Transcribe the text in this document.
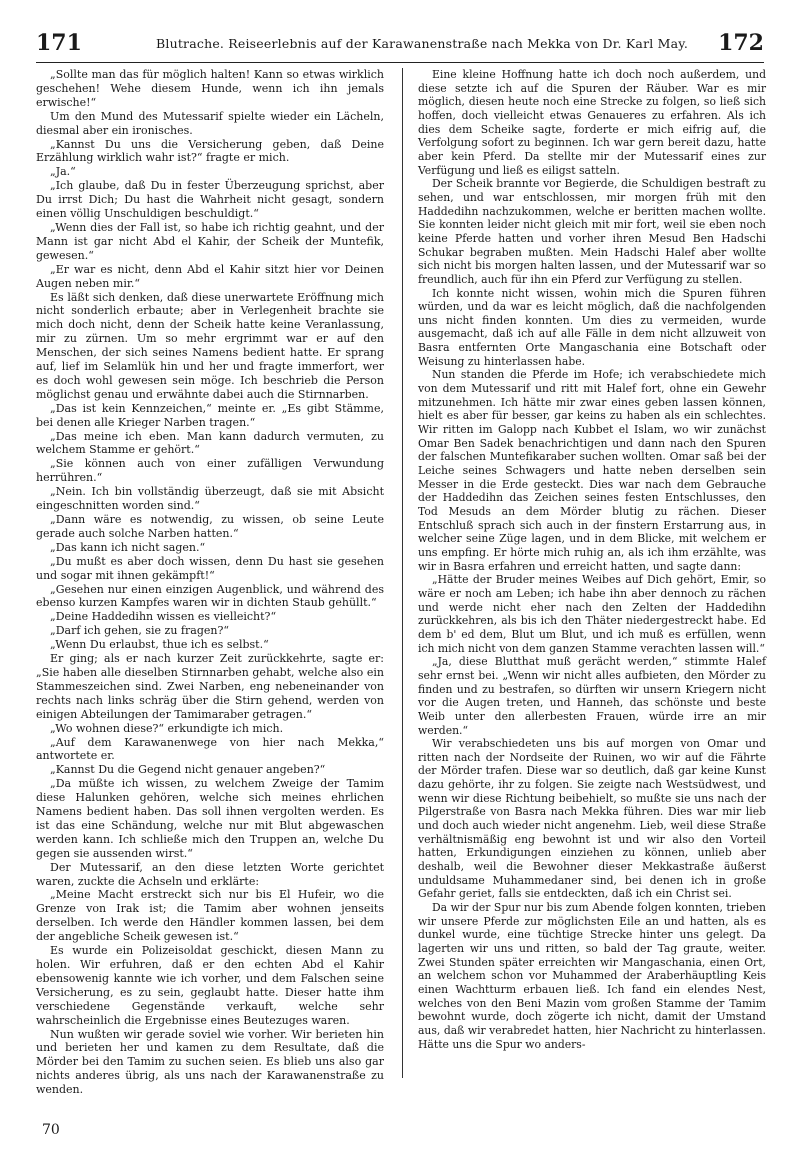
171	Blutrache. Reiseerlebnis auf der Karawanenstraße nach Mekka von Dr. Karl May. 172

„Sollte man das für möglich halten! Kann so etwas wirklich geschehen! Wehe diesem Hunde, wenn ich ihn jemals erwische!“

Um den Mund des Mutessarif spielte wieder ein Lächeln, diesmal aber ein ironisches.

„Kannst Du uns die Versicherung geben, daß Deine Erzählung wirklich wahr ist?“ fragte er mich.

„Ja.“

„Ich glaube, daß Du in fester Überzeugung sprichst, aber Du irrst Dich; Du hast die Wahrheit nicht gesagt, sondern einen völlig Unschuldigen beschuldigt.“

„Wenn dies der Fall ist, so habe ich richtig geahnt, und der Mann ist gar nicht Abd el Kahir, der Scheik der Muntefik, gewesen.“

„Er war es nicht, denn Abd el Kahir sitzt hier vor Deinen Augen neben mir.“

Es läßt sich denken, daß diese unerwartete Eröffnung mich nicht sonderlich erbaute; aber in Verlegenheit brachte sie mich doch nicht, denn der Scheik hatte keine Veranlassung, mir zu zürnen. Um so mehr ergrimmt war er auf den Menschen, der sich seines Namens bedient hatte. Er sprang auf, lief im Selamlük hin und her und fragte immerfort, wer es doch wohl gewesen sein möge. Ich beschrieb die Person möglichst genau und erwähnte dabei auch die Stirnnarben.

„Das ist kein Kennzeichen,“ meinte er. „Es gibt Stämme, bei denen alle Krieger Narben tragen.“

„Das meine ich eben. Man kann dadurch vermuten, zu welchem Stamme er gehört.“

„Sie können auch von einer zufälligen Verwundung herrühren.“

„Nein. Ich bin vollständig überzeugt, daß sie mit Absicht eingeschnitten worden sind.“

„Dann wäre es notwendig, zu wissen, ob seine Leute gerade auch solche Narben hatten.“

„Das kann ich nicht sagen.“

„Du mußt es aber doch wissen, denn Du hast sie gesehen und sogar mit ihnen gekämpft!“

„Gesehen nur einen einzigen Augenblick, und während des ebenso kurzen Kampfes waren wir in dichten Staub gehüllt.“

„Deine Haddedihn wissen es vielleicht?“

„Darf ich gehen, sie zu fragen?“

„Wenn Du erlaubst, thue ich es selbst.“

Er ging; als er nach kurzer Zeit zurückkehrte, sagte er: „Sie haben alle dieselben Stirnnarben gehabt, welche also ein Stammeszeichen sind. Zwei Narben, eng nebeneinander von rechts nach links schräg über die Stirn gehend, werden von einigen Abteilungen der Tamimaraber getragen.“

„Wo wohnen diese?“ erkundigte ich mich.

„Auf dem Karawanenwege von hier nach Mekka,“ antwortete er.

„Kannst Du die Gegend nicht genauer angeben?“

„Da müßte ich wissen, zu welchem Zweige der Tamim diese Halunken gehören, welche sich meines ehrlichen Namens bedient haben. Das soll ihnen vergolten werden. Es ist das eine Schändung, welche nur mit Blut abgewaschen werden kann. Ich schließe mich den Truppen an, welche Du gegen sie aussenden wirst.“

Der Mutessarif, an den diese letzten Worte gerichtet waren, zuckte die Achseln und erklärte:

„Meine Macht erstreckt sich nur bis El Hufeir, wo die Grenze von Irak ist; die Tamim aber wohnen jenseits derselben. Ich werde den Händler kommen lassen, bei dem der angebliche Scheik gewesen ist.“

Es wurde ein Polizeisoldat geschickt, diesen Mann zu holen. Wir erfuhren, daß er den echten Abd el Kahir ebensowenig kannte wie ich vorher, und dem Falschen seine Versicherung, es zu sein, geglaubt hatte. Dieser hatte ihm verschiedene Gegenstände verkauft, welche sehr wahrscheinlich die Ergebnisse eines Beutezuges waren.

Nun wußten wir gerade soviel wie vorher. Wir berieten hin und berieten her und kamen zu dem Resultate, daß die Mörder bei den Tamim zu suchen seien. Es blieb uns also gar nichts anderes übrig, als uns nach der Karawanenstraße zu wenden.

Eine kleine Hoffnung hatte ich doch noch außerdem, und diese setzte ich auf die Spuren der Räuber. War es mir möglich, diesen heute noch eine Strecke zu folgen, so ließ sich hoffen, doch vielleicht etwas Genaueres zu erfahren. Als ich dies dem Scheike sagte, forderte er mich eifrig auf, die Verfolgung sofort zu beginnen. Ich war gern bereit dazu, hatte aber kein Pferd. Da stellte mir der Mutessarif eines zur Verfügung und ließ es eiligst satteln.

Der Scheik brannte vor Begierde, die Schuldigen bestraft zu sehen, und war entschlossen, mir morgen früh mit den Haddedihn nachzukommen, welche er beritten machen wollte. Sie konnten leider nicht gleich mit mir fort, weil sie eben noch keine Pferde hatten und vorher ihren Mesud Ben Hadschi Schukar begraben mußten. Mein Hadschi Halef aber wollte sich nicht bis morgen halten lassen, und der Mutessarif war so freundlich, auch für ihn ein Pferd zur Verfügung zu stellen.

Ich konnte nicht wissen, wohin mich die Spuren führen würden, und da war es leicht möglich, daß die nachfolgenden uns nicht finden konnten. Um dies zu vermeiden, wurde ausgemacht, daß ich auf alle Fälle in dem nicht allzuweit von Basra entfernten Orte Mangaschania eine Botschaft oder Weisung zu hinterlassen habe.

Nun standen die Pferde im Hofe; ich verabschiedete mich von dem Mutessarif und ritt mit Halef fort, ohne ein Gewehr mitzunehmen. Ich hätte mir zwar eines geben lassen können, hielt es aber für besser, gar keins zu haben als ein schlechtes. Wir ritten im Galopp nach Kubbet el Islam, wo wir zunächst Omar Ben Sadek benachrichtigen und dann nach den Spuren der falschen Muntefikaraber suchen wollten. Omar saß bei der Leiche seines Schwagers und hatte neben derselben sein Messer in die Erde gesteckt. Dies war nach dem Gebrauche der Haddedihn das Zeichen seines festen Entschlusses, den Tod Mesuds an dem Mörder blutig zu rächen. Dieser Entschluß sprach sich auch in der finstern Erstarrung aus, in welcher seine Züge lagen, und in dem Blicke, mit welchem er uns empfing. Er hörte mich ruhig an, als ich ihm erzählte, was wir in Basra erfahren und erreicht hatten, und sagte dann:

„Hätte der Bruder meines Weibes auf Dich gehört, Emir, so wäre er noch am Leben; ich habe ihn aber dennoch zu rächen und werde nicht eher nach den Zelten der Haddedihn zurückkehren, als bis ich den Thäter niedergestreckt habe. Ed dem b' ed dem, Blut um Blut, und ich muß es erfüllen, wenn ich mich nicht von dem ganzen Stamme verachten lassen will.“

„Ja, diese Blutthat muß gerächt werden,“ stimmte Halef sehr ernst bei. „Wenn wir nicht alles aufbieten, den Mörder zu finden und zu bestrafen, so dürften wir unsern Kriegern nicht vor die Augen treten, und Hanneh, das schönste und beste Weib unter den allerbesten Frauen, würde irre an mir werden.“

Wir verabschiedeten uns bis auf morgen von Omar und ritten nach der Nordseite der Ruinen, wo wir auf die Fährte der Mörder trafen. Diese war so deutlich, daß gar keine Kunst dazu gehörte, ihr zu folgen. Sie zeigte nach Westsüdwest, und wenn wir diese Richtung beibehielt, so mußte sie uns nach der Pilgerstraße von Basra nach Mekka führen. Dies war mir lieb und doch auch wieder nicht angenehm. Lieb, weil diese Straße verhältnismäßig eng bewohnt ist und wir also den Vorteil hatten, Erkundigungen einziehen zu können, unlieb aber deshalb, weil die Bewohner dieser Mekkastraße äußerst unduldsame Muhammedaner sind, bei denen ich in große Gefahr geriet, falls sie entdeckten, daß ich ein Christ sei.

Da wir der Spur nur bis zum Abende folgen konnten, trieben wir unsere Pferde zur möglichsten Eile an und hatten, als es dunkel wurde, eine tüchtige Strecke hinter uns gelegt. Da lagerten wir uns und ritten, so bald der Tag graute, weiter. Zwei Stunden später erreichten wir Mangaschania, einen Ort, an welchem schon vor Muhammed der Araberhäuptling Keis einen Wachtturm erbauen ließ. Ich fand ein elendes Nest, welches von den Beni Mazin vom großen Stamme der Tamim bewohnt wurde, doch zögerte ich nicht, damit der Umstand aus, daß wir verabredet hatten, hier Nachricht zu hinterlassen. Hätte uns die Spur wo anders-

70
